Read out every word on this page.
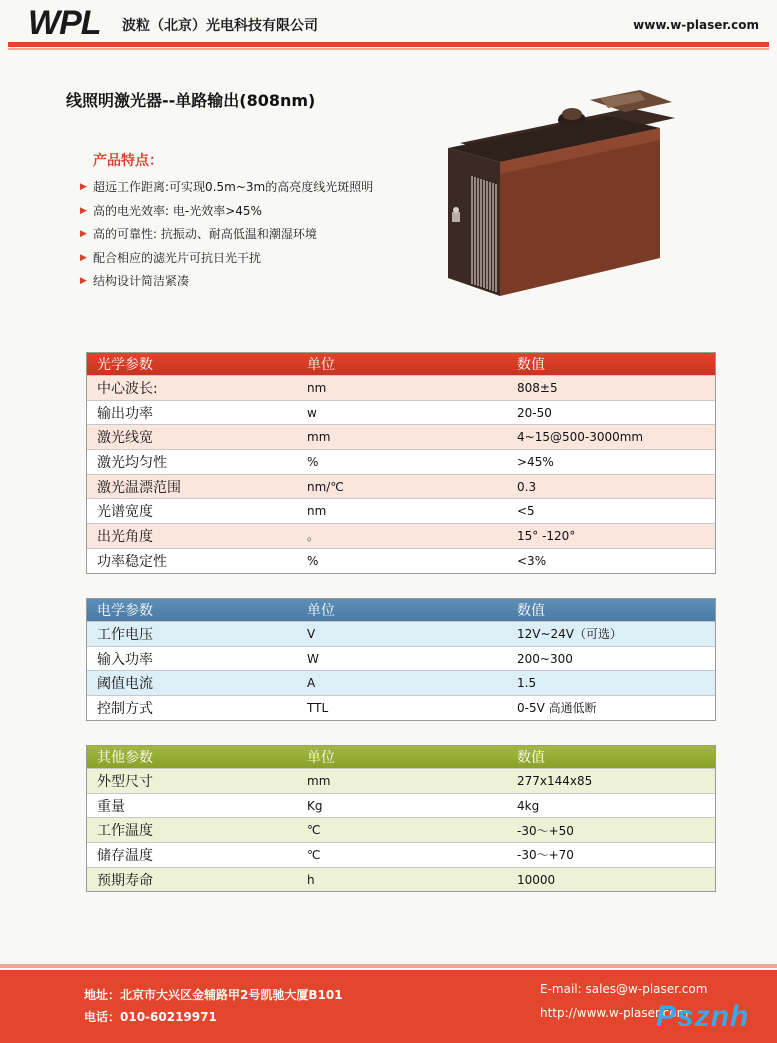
WPL 波粒（北京）光电科技有限公司	www.w-plaser.com
线照明激光器--单路输出(808nm)
产品特点：
▶ 超远工作距离:可实现0.5m~3m的高亮度线光斑照明
▶ 高的电光效率: 电-光效率>45%
▶ 高的可靠性: 抗振动、耐高低温和潮湿环境
▶ 配合相应的滤光片可抗日光干扰
▶ 结构设计简洁紧凑
光学参数	单位	数值
中心波长:	nm	808±5
输出功率	w	20-50
激光线宽	mm	4~15@500-3000mm
激光均匀性	%	>45%
激光温漂范围	nm/℃	0.3
光谱宽度	nm	<5
出光角度	。	15° -120°
功率稳定性	%	<3%
电学参数	单位	数值
工作电压	V	12V~24V（可选）
输入功率	W	200~300
阈值电流	A	1.5
控制方式	TTL	0-5V 高通低断
其他参数	单位	数值
外型尺寸	mm	277x144x85
重量	Kg	4kg
工作温度	℃	-30～+50
储存温度	℃	-30～+70
预期寿命	h	10000
地址：北京市大兴区金辅路甲2号凯驰大厦B101
电话：010-60219971
E-mail: sales@w-plaser.com
http://www.w-plaser.com
Psznh
